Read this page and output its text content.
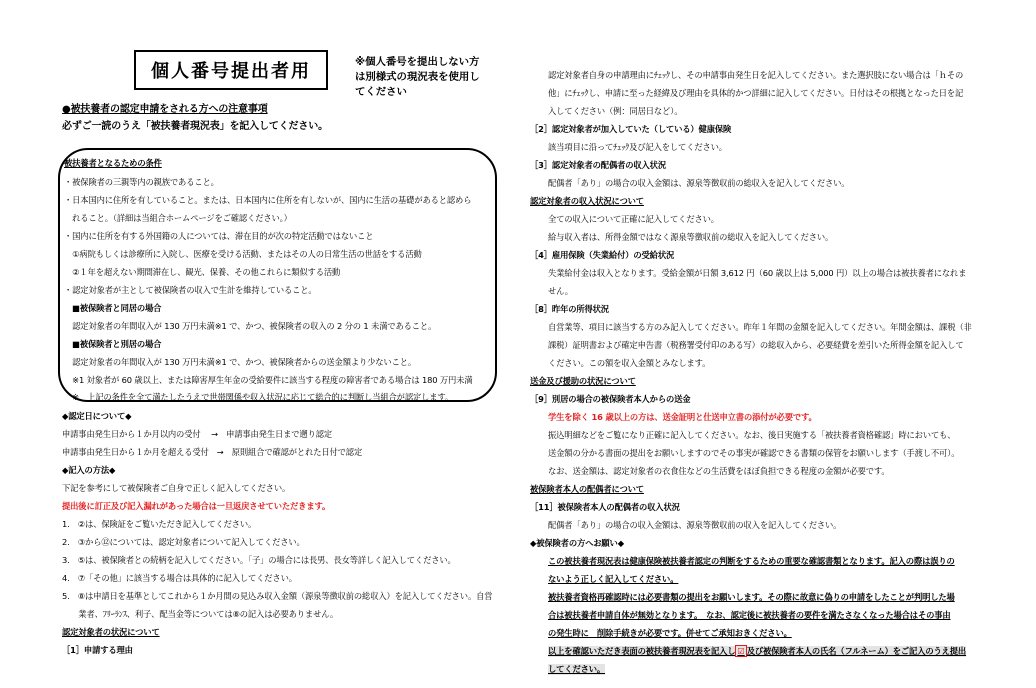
個人番号提出者用	※個人番号を提出しない方
は別様式の現況表を使用し
てください
●被扶養者の認定申請をされる方への注意事項
必ずご一読のうえ「被扶養者現況表」を記入してください。
被扶養者となるための条件
・被保険者の三親等内の親族であること。
・日本国内に住所を有していること。または、日本国内に住所を有しないが、国内に生活の基礎があると認めら
　れること。（詳細は当組合ホームページをご確認ください。）
・国内に住所を有する外国籍の人については、滞在目的が次の特定活動ではないこと
　①病院もしくは診療所に入院し、医療を受ける活動、またはその人の日常生活の世話をする活動
　②１年を超えない期間滞在し、観光、保養、その他これらに類似する活動
・認定対象者が主として被保険者の収入で生計を維持していること。
　■被保険者と同居の場合
　認定対象者の年間収入が 130 万円未満※1 で、かつ、被保険者の収入の 2 分の 1 未満であること。
　■被保険者と別居の場合
　認定対象者の年間収入が 130 万円未満※1 で、かつ、被保険者からの送金額より少ないこと。
　※1 対象者が 60 歳以上、または障害厚生年金の受給要件に該当する程度の障害者である場合は 180 万円未満
　※　上記の条件を全て満たしたうえで世帯関係や収入状況に応じて総合的に判断し当組合が認定します。
◆認定日について◆
申請事由発生日から１か月以内の受付　 →　申請事由発生日まで遡り認定
申請事由発生日から１か月を超える受付　→　原則組合で確認がとれた日付で認定
◆記入の方法◆
下記を参考にして被保険者ご自身で正しく記入してください。
提出後に訂正及び記入漏れがあった場合は一旦返戻させていただきます。
1.　②は、保険証をご覧いただき記入してください。
2.　③から⑫については、認定対象者について記入してください。
3.　⑤は、被保険者との続柄を記入してください。「子」の場合には長男、長女等詳しく記入してください。
4.　⑦「その他」に該当する場合は具体的に記入してください。
5.　⑧は申請日を基準としてこれから１か月間の見込み収入金額（源泉等徴収前の総収入）を記入してください。自営
　　業者、ﾌﾘｰﾗﾝｽ、利子、配当金等については⑧の記入は必要ありません。
認定対象者の状況について
［1］申請する理由
認定対象者自身の申請理由にﾁｪｯｸし、その申請事由発生日を記入してください。また選択肢にない場合は「ｈその
他」にﾁｪｯｸし、申請に至った経緯及び理由を具体的かつ詳細に記入してください。日付はその根拠となった日を記
入してください（例：同居日など）。
［2］認定対象者が加入していた（している）健康保険
該当項目に沿ってﾁｪｯｸ及び記入をしてください。
［3］認定対象者の配偶者の収入状況
配偶者「あり」の場合の収入金額は、源泉等徴収前の総収入を記入してください。
認定対象者の収入状況について
全ての収入について正確に記入してください。
給与収入者は、所得金額ではなく源泉等徴収前の総収入を記入してください。
［4］雇用保険（失業給付）の受給状況
失業給付金は収入となります。受給金額が日額 3,612 円（60 歳以上は 5,000 円）以上の場合は被扶養者になれま
せん。
［8］昨年の所得状況
自営業等、項目に該当する方のみ記入してください。昨年１年間の金額を記入してください。年間金額は、課税（非
課税）証明書および確定申告書（税務署受付印のある写）の総収入から、必要経費を差引いた所得金額を記入して
ください。この額を収入金額とみなします。
送金及び援助の状況について
［9］別居の場合の被保険者本人からの送金
学生を除く 16 歳以上の方は、送金証明と仕送申立書の添付が必要です。
振込明細などをご覧になり正確に記入してください。なお、後日実施する「被扶養者資格確認」時においても、
送金額の分かる書面の提出をお願いしますのでその事実が確認できる書類の保管をお願いします（手渡し不可）。
なお、送金額は、認定対象者の衣食住などの生活費をほぼ負担できる程度の金額が必要です。
被保険者本人の配偶者について
［11］被保険者本人の配偶者の収入状況
配偶者「あり」の場合の収入金額は、源泉等徴収前の収入を記入してください。
◆被保険者の方へお願い◆
この被扶養者現況表は健康保険被扶養者認定の判断をするための重要な確認書類となります。記入の際は誤りの
ないよう正しく記入してください。
被扶養者資格再確認時には必要書類の提出をお願いします。その際に故意に偽りの申請をしたことが判明した場
合は被扶養者申請自体が無効となります。　なお、認定後に被扶養者の要件を満たさなくなった場合はその事由
の発生時に　削除手続きが必要です。併せてご承知おきください。
以上を確認いただき表面の被扶養者現況表を記入し ☑ 及び被保険者本人の氏名（フルネーム）をご記入のうえ提出
してください。
